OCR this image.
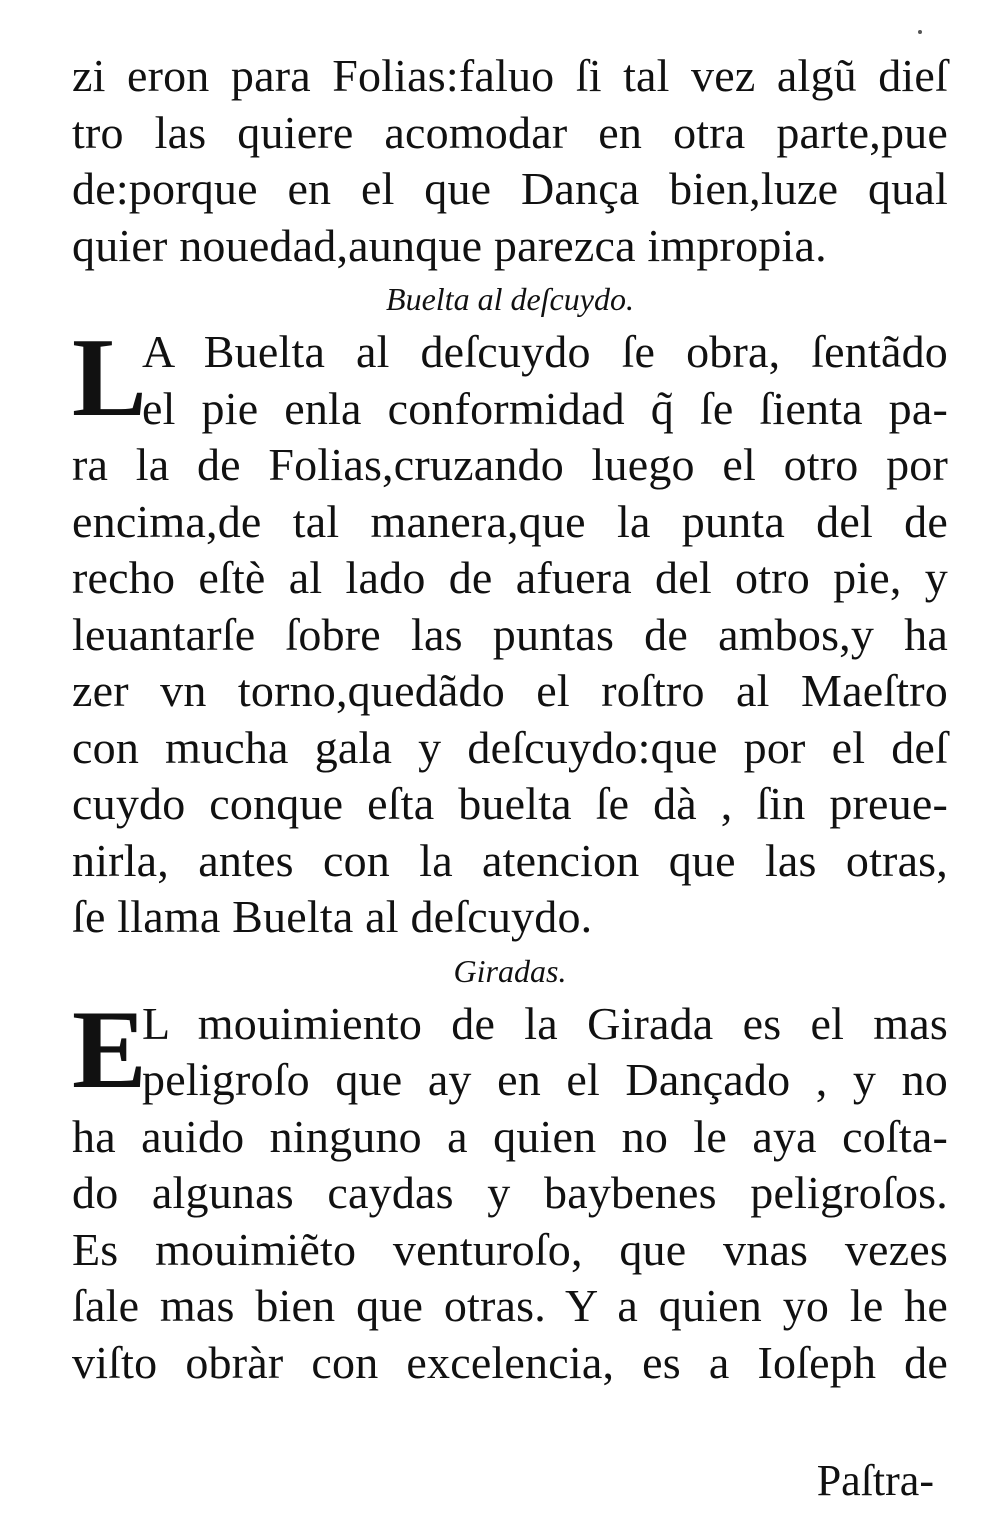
zi eron para Folias:faluo ſi tal vez algũ dieſ
tro las quiere acomodar en otra parte,pue
de:porque en el que Dança bien,luze qual
quier nouedad,aunque parezca impropia.
Buelta al deſcuydo.
L
A Buelta al deſcuydo ſe obra, ſentãdo
el pie enla conformidad q̃ ſe ſienta pa-
ra la de Folias,cruzando luego el otro por
encima,de tal manera,que la punta del de
recho eſtè al lado de afuera del otro pie, y
leuantarſe ſobre las puntas de ambos,y ha
zer vn torno,quedãdo el roſtro al Maeſtro
con mucha gala y deſcuydo:que por el deſ
cuydo conque eſta buelta ſe dà , ſin preue-
nirla, antes con la atencion que las otras,
ſe llama Buelta al deſcuydo.
Giradas.
E
L mouimiento de la Girada es el mas
peligroſo que ay en el Dançado , y no
ha auido ninguno a quien no le aya coſta-
do algunas caydas y baybenes peligroſos.
Es mouimiẽto venturoſo, que vnas vezes
ſale mas bien que otras. Y a quien yo le he
viſto obràr con excelencia, es a Ioſeph de
Paſtra-
